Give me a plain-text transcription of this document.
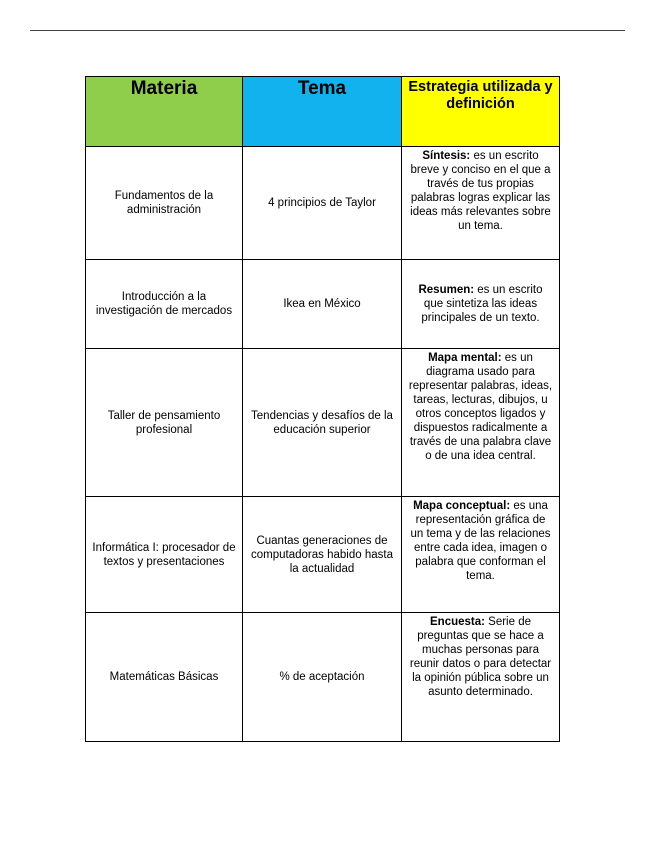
Materia	Tema	Estrategia utilizada y definición
Fundamentos de la administración	4 principios de Taylor	Síntesis: es un escrito breve y conciso en el que a través de tus propias palabras logras explicar las ideas más relevantes sobre un tema.
Introducción a la investigación de mercados	Ikea en México	Resumen: es un escrito que sintetiza las ideas principales de un texto.
Taller de pensamiento profesional	Tendencias y desafíos de la educación superior	Mapa mental: es un diagrama usado para representar palabras, ideas, tareas, lecturas, dibujos, u otros conceptos ligados y dispuestos radicalmente a través de una palabra clave o de una idea central.
Informática I: procesador de textos y presentaciones	Cuantas generaciones de computadoras habido hasta la actualidad	Mapa conceptual: es una representación gráfica de un tema y de las relaciones entre cada idea, imagen o palabra que conforman el tema.
Matemáticas Básicas	% de aceptación	Encuesta: Serie de preguntas que se hace a muchas personas para reunir datos o para detectar la opinión pública sobre un asunto determinado.
